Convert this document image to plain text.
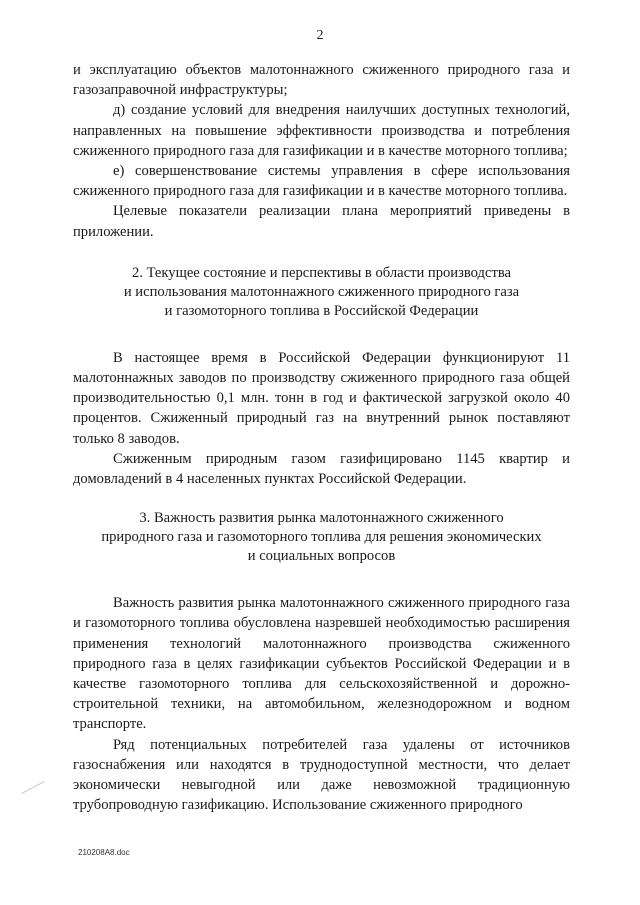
2

и эксплуатацию объектов малотоннажного сжиженного природного газа и газозаправочной инфраструктуры;

д) создание условий для внедрения наилучших доступных технологий, направленных на повышение эффективности производства и потребления сжиженного природного газа для газификации и в качестве моторного топлива;

е) совершенствование системы управления в сфере использования сжиженного природного газа для газификации и в качестве моторного топлива.

Целевые показатели реализации плана мероприятий приведены в приложении.

2. Текущее состояние и перспективы в области производства

и использования малотоннажного сжиженного природного газа

и газомоторного топлива в Российской Федерации

В настоящее время в Российской Федерации функционируют 11 малотоннажных заводов по производству сжиженного природного газа общей производительностью 0,1 млн. тонн в год и фактической загрузкой около 40 процентов. Сжиженный природный газ на внутренний рынок поставляют только 8 заводов.

Сжиженным природным газом газифицировано 1145 квартир и домовладений в 4 населенных пунктах Российской Федерации.

3. Важность развития рынка малотоннажного сжиженного

природного газа и газомоторного топлива для решения экономических

и социальных вопросов

Важность развития рынка малотоннажного сжиженного природного газа и газомоторного топлива обусловлена назревшей необходимостью расширения применения технологий малотоннажного производства сжиженного природного газа в целях газификации субъектов Российской Федерации и в качестве газомоторного топлива для сельскохозяйственной и дорожно-строительной техники, на автомобильном, железнодорожном и водном транспорте.

Ряд потенциальных потребителей газа удалены от источников газоснабжения или находятся в труднодоступной местности, что делает экономически невыгодной или даже невозможной традиционную трубопроводную газификацию. Использование сжиженного природного

210208A8.doc
